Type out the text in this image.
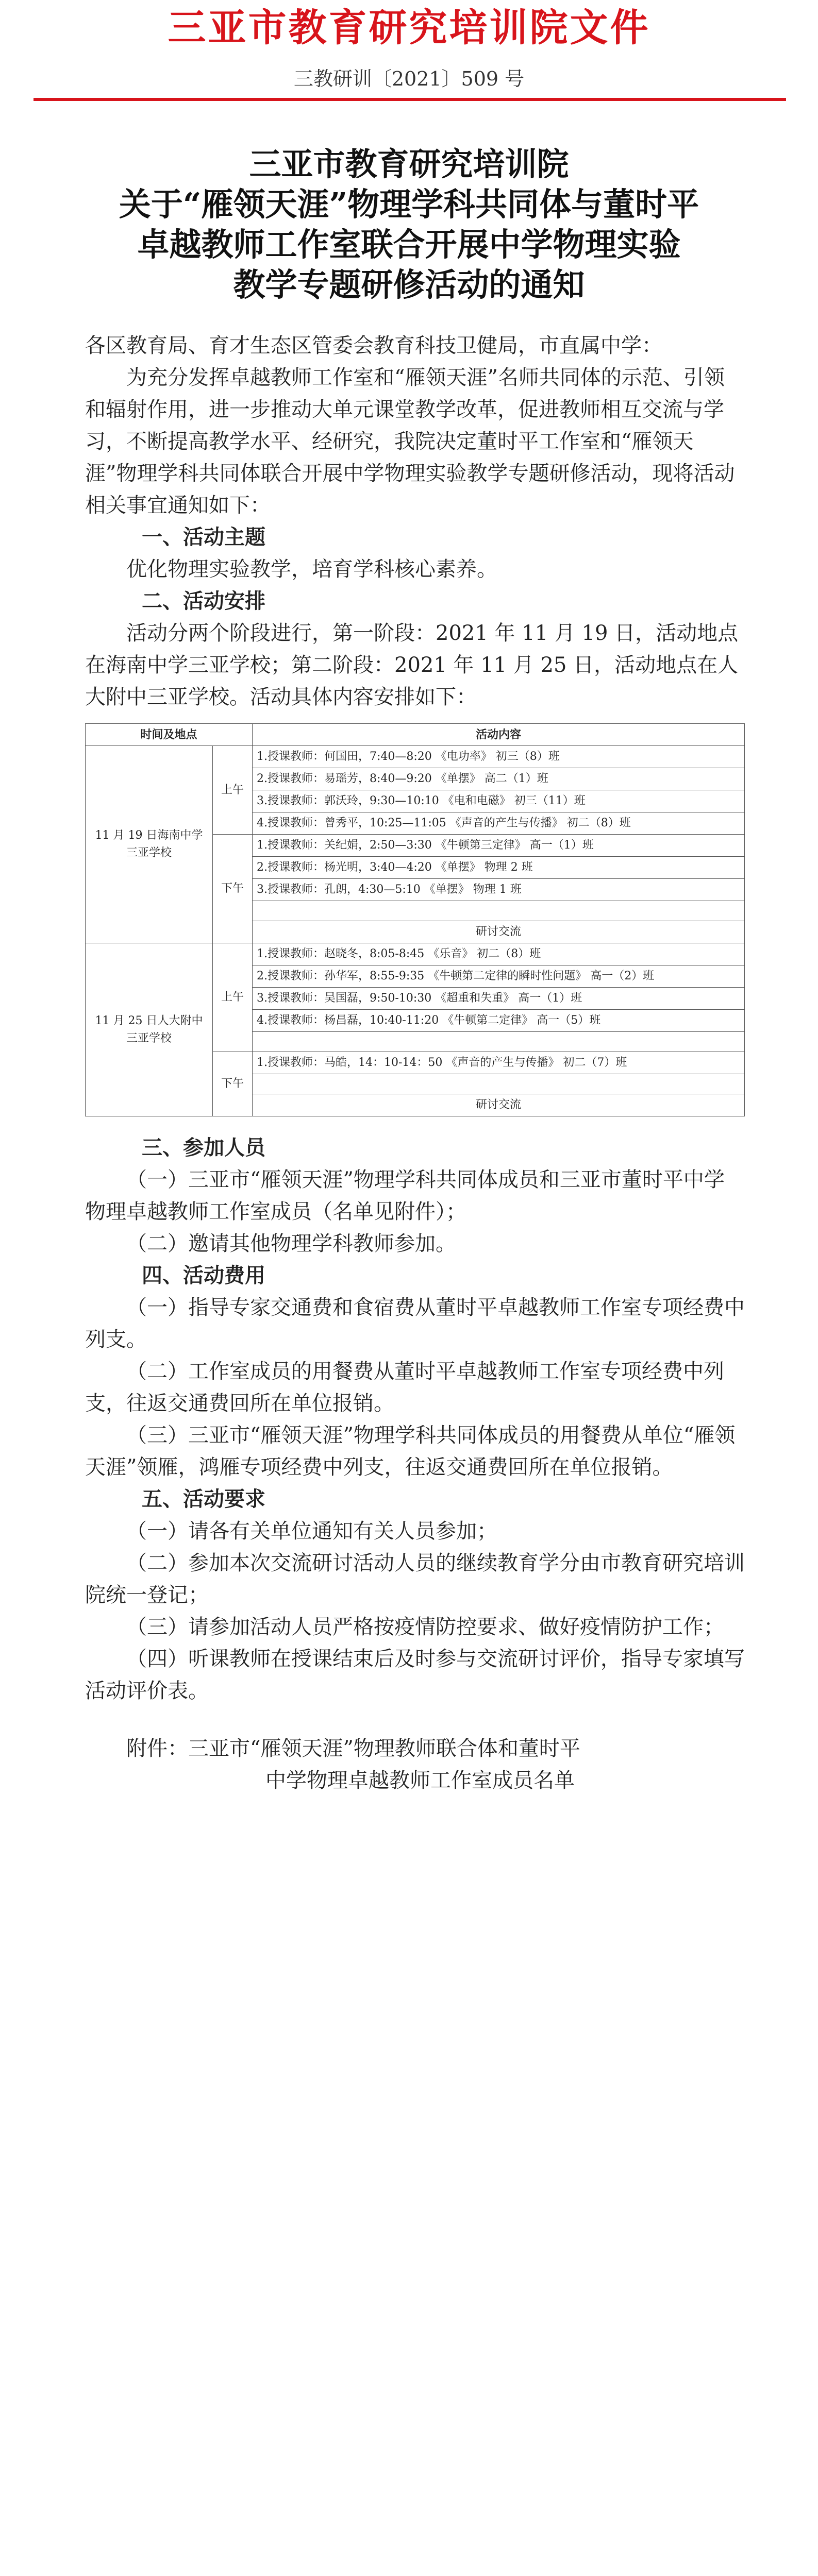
三亚市教育研究培训院文件
三教研训〔2021〕509 号
三亚市教育研究培训院
关于“雁领天涯”物理学科共同体与董时平
卓越教师工作室联合开展中学物理实验
教学专题研修活动的通知

各区教育局、育才生态区管委会教育科技卫健局，市直属中学：

为充分发挥卓越教师工作室和“雁领天涯”名师共同体的示范、引领和辐射作用，进一步推动大单元课堂教学改革，促进教师相互交流与学习，不断提高教学水平、经研究，我院决定董时平工作室和“雁领天涯”物理学科共同体联合开展中学物理实验教学专题研修活动，现将活动相关事宜通知如下：

一、活动主题

优化物理实验教学，培育学科核心素养。

二、活动安排

活动分两个阶段进行，第一阶段：2021 年 11 月 19 日，活动地点在海南中学三亚学校；第二阶段：2021 年 11 月 25 日，活动地点在人大附中三亚学校。活动具体内容安排如下：

时间及地点		活动内容
11 月 19 日海南中学三亚学校	上午	1.授课教师：何国田，7:40—8:20 《电功率》 初三（8）班
		2.授课教师：易瑶芳，8:40—9:20 《单摆》 高二（1）班
		3.授课教师：郭沃玲，9:30—10:10 《电和电磁》 初三（11）班
		4.授课教师：曾秀平，10:25—11:05 《声音的产生与传播》 初二（8）班
	下午	1.授课教师：关纪娟，2:50—3:30 《牛顿第三定律》 高一（1）班
		2.授课教师：杨光明，3:40—4:20 《单摆》 物理 2 班
		3.授课教师：孔朗，4:30—5:10 《单摆》 物理 1 班

		研讨交流
11 月 25 日人大附中三亚学校	上午	1.授课教师：赵晓冬，8:05-8:45 《乐音》 初二（8）班
		2.授课教师：孙华军，8:55-9:35 《牛顿第二定律的瞬时性问题》 高一（2）班
		3.授课教师：吴国磊，9:50-10:30 《超重和失重》 高一（1）班
		4.授课教师：杨昌磊，10:40-11:20 《牛顿第二定律》 高一（5）班

	下午	1.授课教师：马皓，14：10-14：50 《声音的产生与传播》 初二（7）班

		研讨交流

三、参加人员

（一）三亚市“雁领天涯”物理学科共同体成员和三亚市董时平中学物理卓越教师工作室成员（名单见附件）；

（二）邀请其他物理学科教师参加。

四、活动费用

（一）指导专家交通费和食宿费从董时平卓越教师工作室专项经费中列支。

（二）工作室成员的用餐费从董时平卓越教师工作室专项经费中列支，往返交通费回所在单位报销。

（三）三亚市“雁领天涯”物理学科共同体成员的用餐费从单位“雁领天涯”领雁，鸿雁专项经费中列支，往返交通费回所在单位报销。

五、活动要求

（一）请各有关单位通知有关人员参加；

（二）参加本次交流研讨活动人员的继续教育学分由市教育研究培训院统一登记；

（三）请参加活动人员严格按疫情防控要求、做好疫情防护工作；

（四）听课教师在授课结束后及时参与交流研讨评价，指导专家填写活动评价表。

附件：三亚市“雁领天涯”物理教师联合体和董时平

中学物理卓越教师工作室成员名单
